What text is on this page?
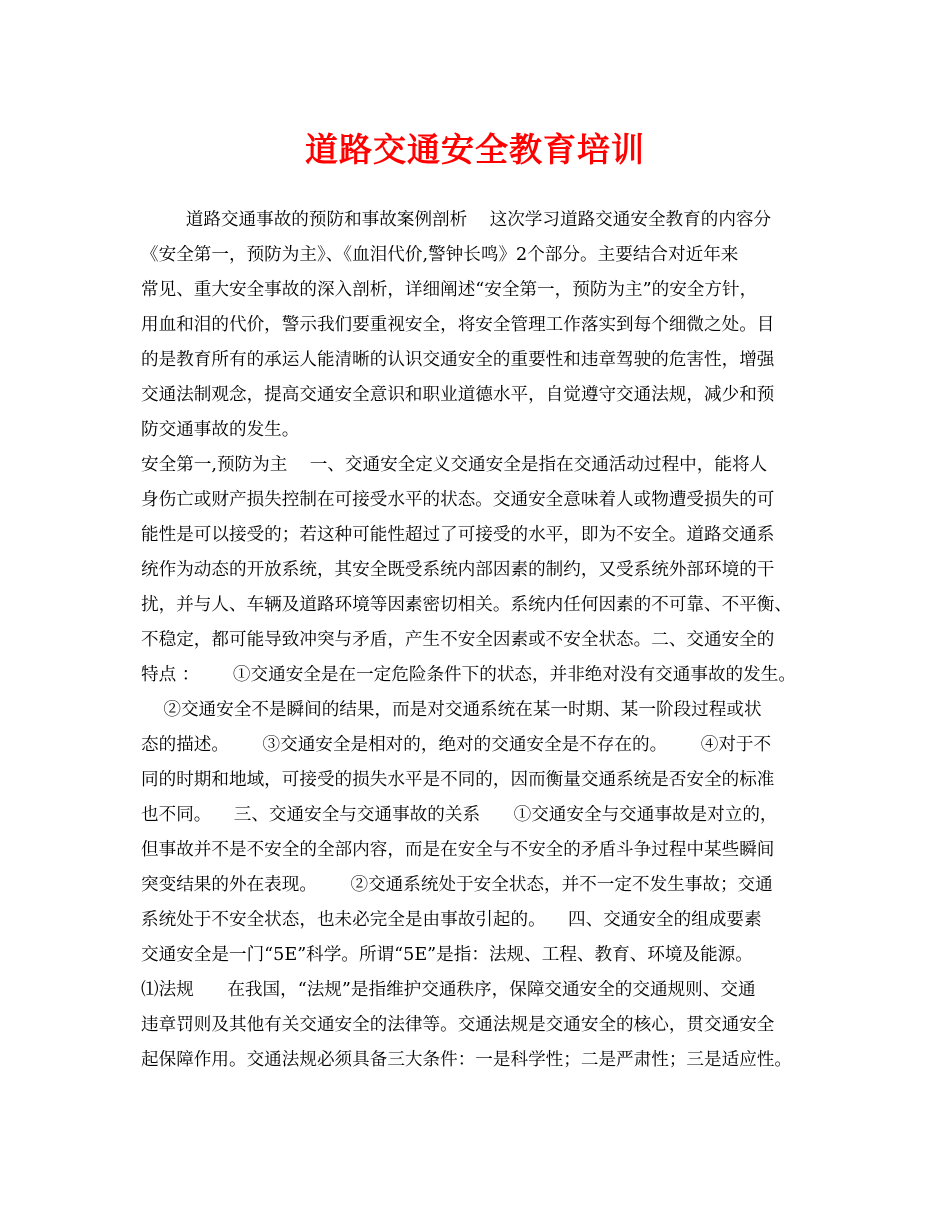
道路交通安全教育培训
道路交通事故的预防和事故案例剖析    这次学习道路交通安全教育的内容分
《安全第一，预防为主》、《血泪代价,警钟长鸣》2个部分。主要结合对近年来
常见、重大安全事故的深入剖析，详细阐述“安全第一，预防为主”的安全方针，
用血和泪的代价，警示我们要重视安全，将安全管理工作落实到每个细微之处。目
的是教育所有的承运人能清晰的认识交通安全的重要性和违章驾驶的危害性，增强
交通法制观念，提高交通安全意识和职业道德水平，自觉遵守交通法规，减少和预
防交通事故的发生。
安全第一,预防为主    一、交通安全定义交通安全是指在交通活动过程中，能将人
身伤亡或财产损失控制在可接受水平的状态。交通安全意味着人或物遭受损失的可
能性是可以接受的；若这种可能性超过了可接受的水平，即为不安全。道路交通系
统作为动态的开放系统，其安全既受系统内部因素的制约，又受系统外部环境的干
扰，并与人、车辆及道路环境等因素密切相关。系统内任何因素的不可靠、不平衡、
不稳定，都可能导致冲突与矛盾，产生不安全因素或不安全状态。二、交通安全的
特点 ：      ①交通安全是在一定危险条件下的状态，并非绝对没有交通事故的发生。
②交通安全不是瞬间的结果，而是对交通系统在某一时期、某一阶段过程或状
态的描述。      ③交通安全是相对的，绝对的交通安全是不存在的。      ④对于不
同的时期和地域，可接受的损失水平是不同的，因而衡量交通系统是否安全的标准
也不同。    三、交通安全与交通事故的关系      ①交通安全与交通事故是对立的，
但事故并不是不安全的全部内容，而是在安全与不安全的矛盾斗争过程中某些瞬间
突变结果的外在表现。      ②交通系统处于安全状态，并不一定不发生事故；交通
系统处于不安全状态，也未必完全是由事故引起的。    四、交通安全的组成要素
交通安全是一门“5E”科学。所谓“5E”是指：法规、工程、教育、环境及能源。
⑴法规      在我国，“法规”是指维护交通秩序，保障交通安全的交通规则、交通
违章罚则及其他有关交通安全的法律等。交通法规是交通安全的核心，贯交通安全
起保障作用。交通法规必须具备三大条件：一是科学性；二是严肃性；三是适应性。
